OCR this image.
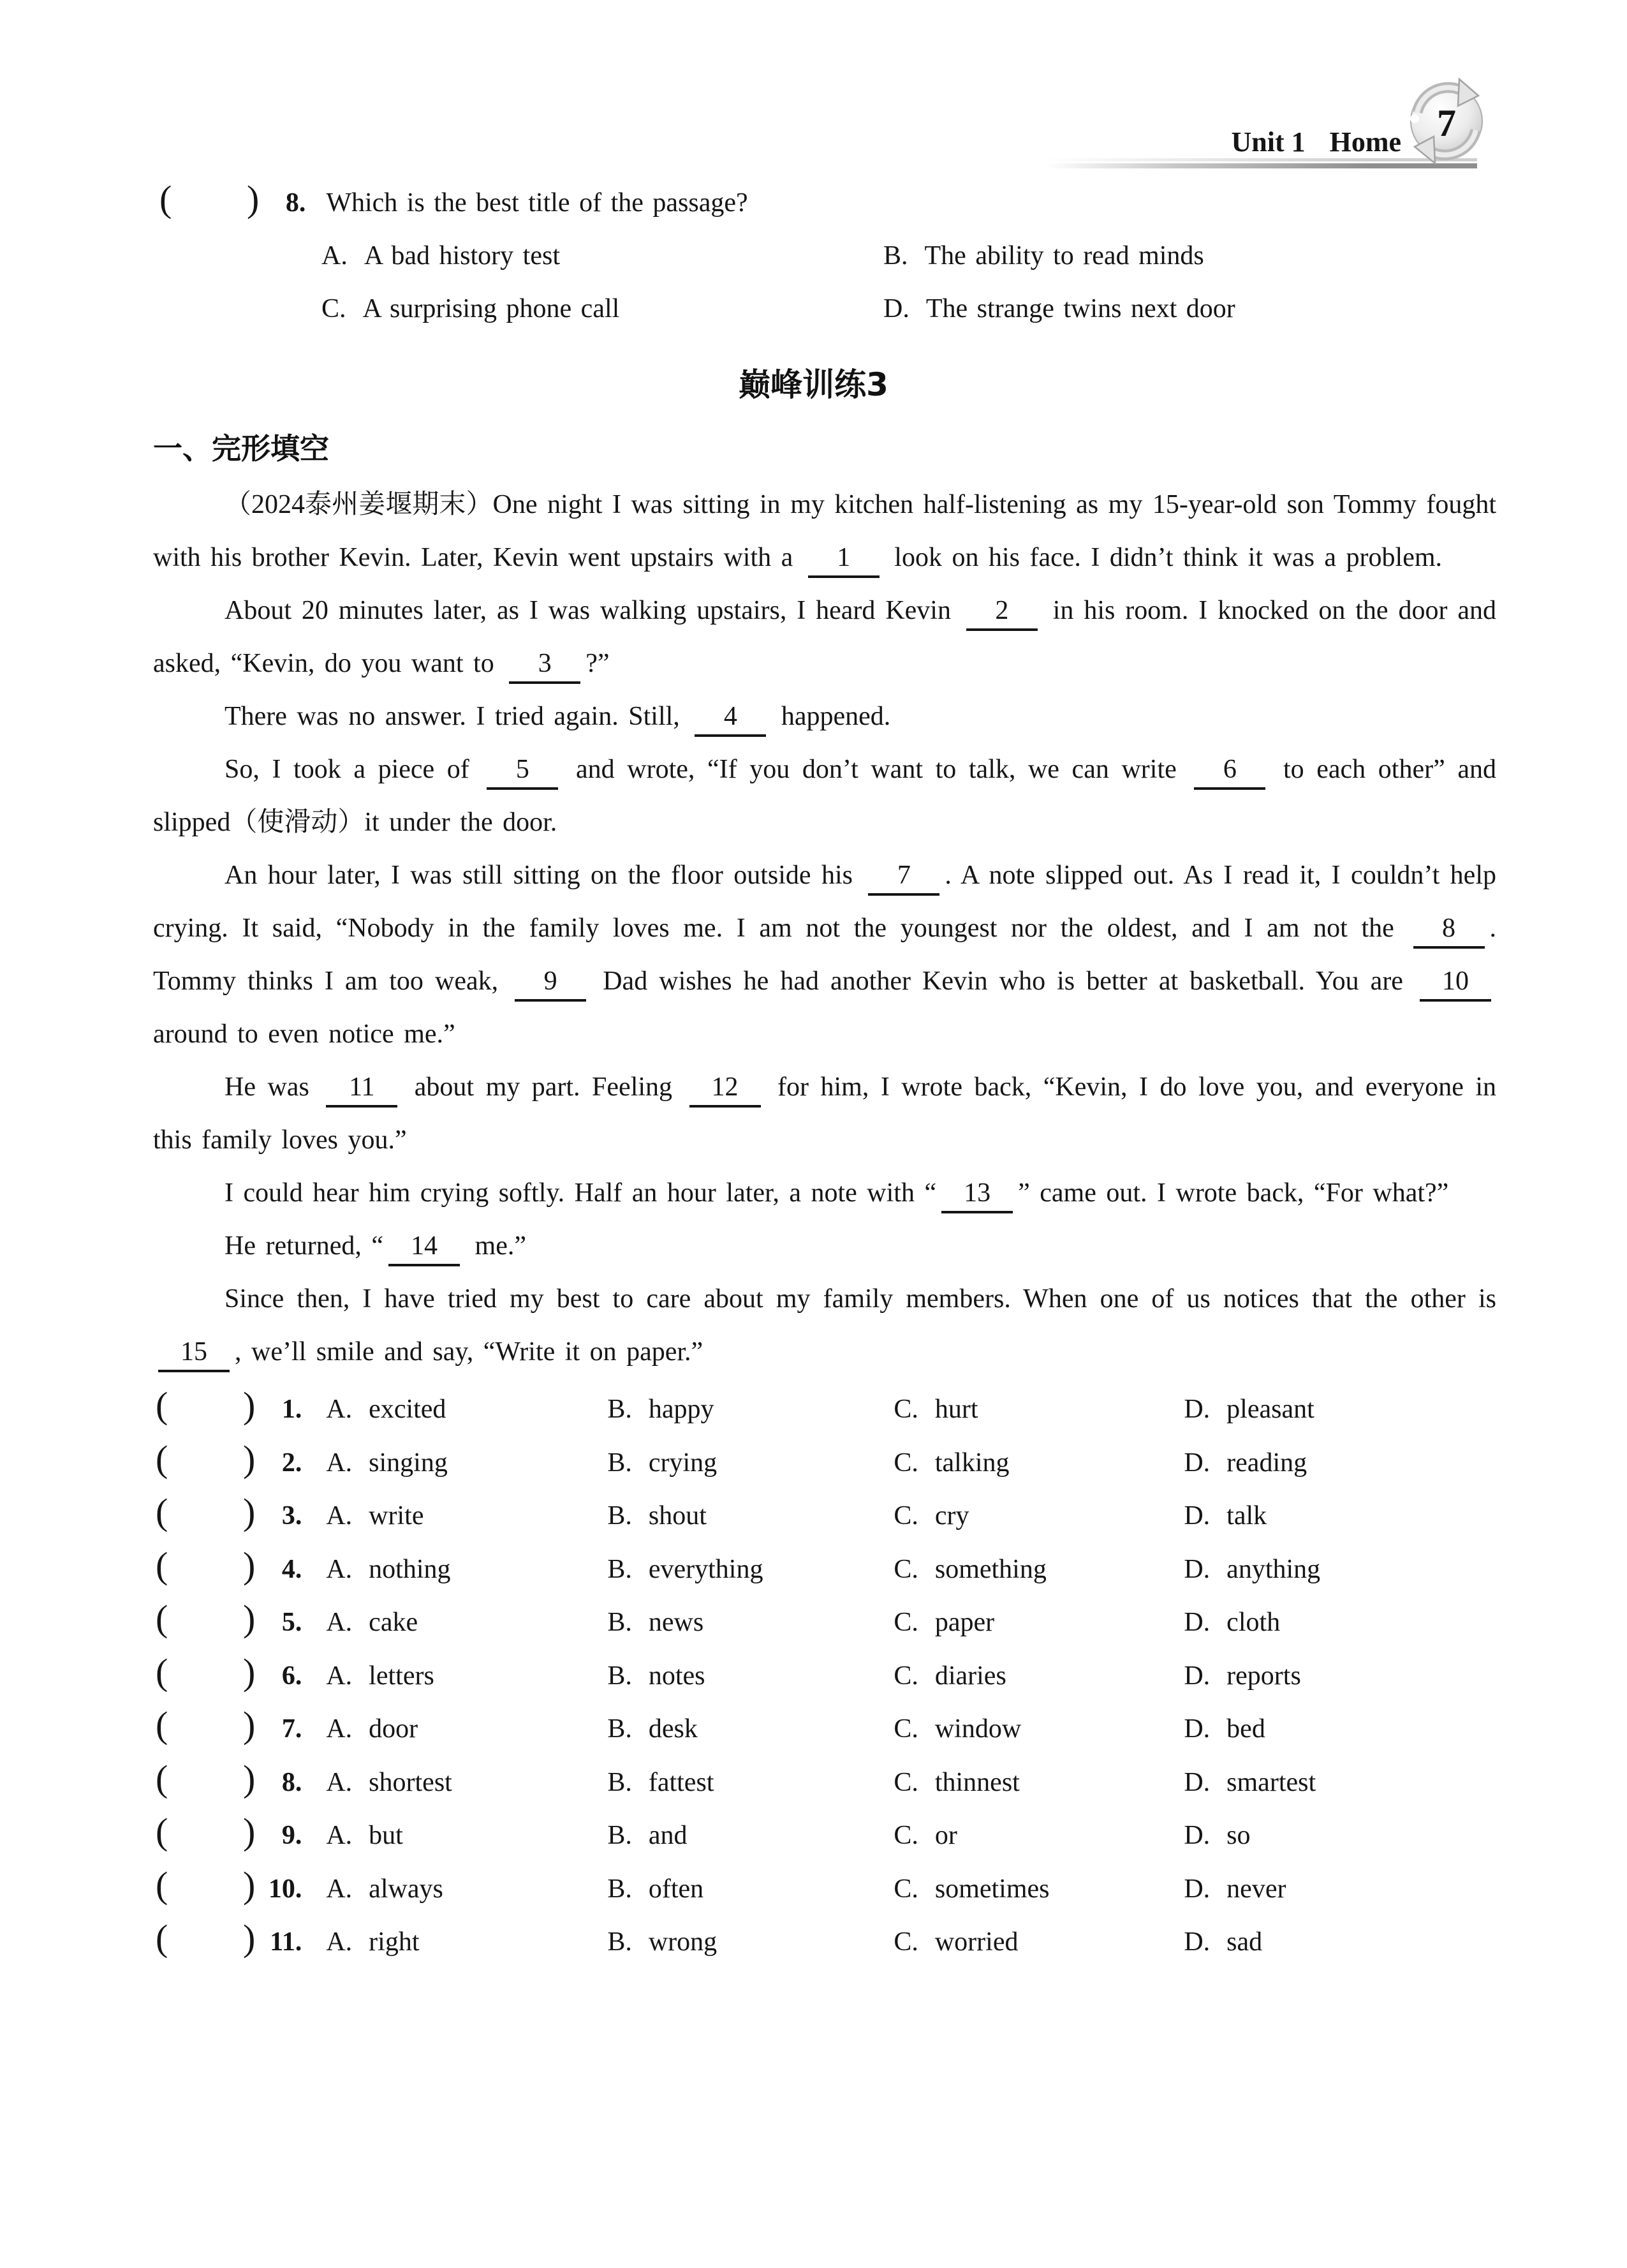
Unit 1 Home 7
(	) 8. Which is the best title of the passage?
A. A bad history test	B. The ability to read minds
C. A surprising phone call	D. The strange twins next door
巅峰训练3
一、完形填空

（2024泰州姜堰期末）One night I was sitting in my kitchen half-listening as my 15-year-old son Tommy fought with his brother Kevin. Later, Kevin went upstairs with a 1 look on his face. I didn’t think it was a problem.

About 20 minutes later, as I was walking upstairs, I heard Kevin 2 in his room. I knocked on the door and asked, “Kevin, do you want to 3 ?”

There was no answer. I tried again. Still, 4 happened.

So, I took a piece of 5 and wrote, “If you don’t want to talk, we can write 6 to each other” and slipped（使滑动）it under the door.

An hour later, I was still sitting on the floor outside his 7 . A note slipped out. As I read it, I couldn’t help crying. It said, “Nobody in the family loves me. I am not the youngest nor the oldest, and I am not the 8 . Tommy thinks I am too weak, 9 Dad wishes he had another Kevin who is better at basketball. You are 10 around to even notice me.”

He was 11 about my part. Feeling 12 for him, I wrote back, “Kevin, I do love you, and everyone in this family loves you.”

I could hear him crying softly. Half an hour later, a note with “ 13 ” came out. I wrote back, “For what?”

He returned, “ 14 me.”

Since then, I have tried my best to care about my family members. When one of us notices that the other is 15 , we’ll smile and say, “Write it on paper.”

(	) 1. A. excited	B. happy	C. hurt	D. pleasant
(	) 2. A. singing	B. crying	C. talking	D. reading
(	) 3. A. write	B. shout	C. cry	D. talk
(	) 4. A. nothing	B. everything	C. something	D. anything
(	) 5. A. cake	B. news	C. paper	D. cloth
(	) 6. A. letters	B. notes	C. diaries	D. reports
(	) 7. A. door	B. desk	C. window	D. bed
(	) 8. A. shortest	B. fattest	C. thinnest	D. smartest
(	) 9. A. but	B. and	C. or	D. so
(	) 10. A. always	B. often	C. sometimes	D. never
(	) 11. A. right	B. wrong	C. worried	D. sad
